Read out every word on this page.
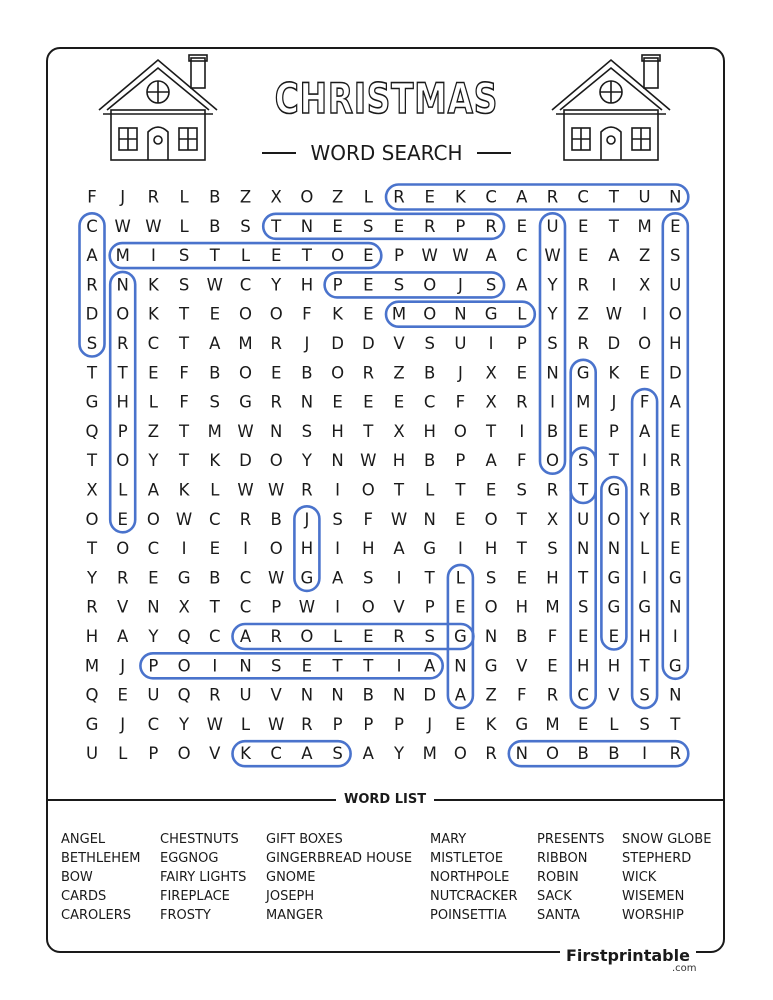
CHRISTMAS
WORD SEARCH
F J R L B Z X O Z L R E K C A R C T U N
C W W L B S T N E S E R P R E U E T M E
A M I S T L E T O E P W W A C W E A Z S
R N K S W C Y H P E S O J S A Y R I X U
D O K T E O O F K E M O N G L Y Z W I O
S R C T A M R J D D V S U I P S R D O H
T T E F B O E B O R Z B J X E N G K E D
G H L F S G R N E E E C F X R I M J F A
Q P Z T M W N S H T X H O T I B E P A E
T O Y T K D O Y N W H B P A F O S T I R
X L A K L W W R I O T L T E S R T G R B
O E O W C R B J S F W N E O T X U O Y R
T O C I E I O H I H A G I H T S N N L E
Y R E G B C W G A S I T L S E H T G I G
R V N X T C P W I O V P E O H M S G G N
H A Y Q C A R O L E R S G N B F E E H I
M J P O I N S E T T I A N G V E H H T G
Q E U Q R U V N N B N D A Z F R C V S N
G J C Y W L W R P P P J E K G M E L S T
U L P O V K C A S A Y M O R N O B B I R
WORD LIST
ANGEL
BETHLEHEM
BOW
CARDS
CAROLERS
CHESTNUTS
EGGNOG
FAIRY LIGHTS
FIREPLACE
FROSTY
GIFT BOXES
GINGERBREAD HOUSE
GNOME
JOSEPH
MANGER
MARY
MISTLETOE
NORTHPOLE
NUTCRACKER
POINSETTIA
PRESENTS
RIBBON
ROBIN
SACK
SANTA
SNOW GLOBE
STEPHERD
WICK
WISEMEN
WORSHIP
Firstprintable
.com
